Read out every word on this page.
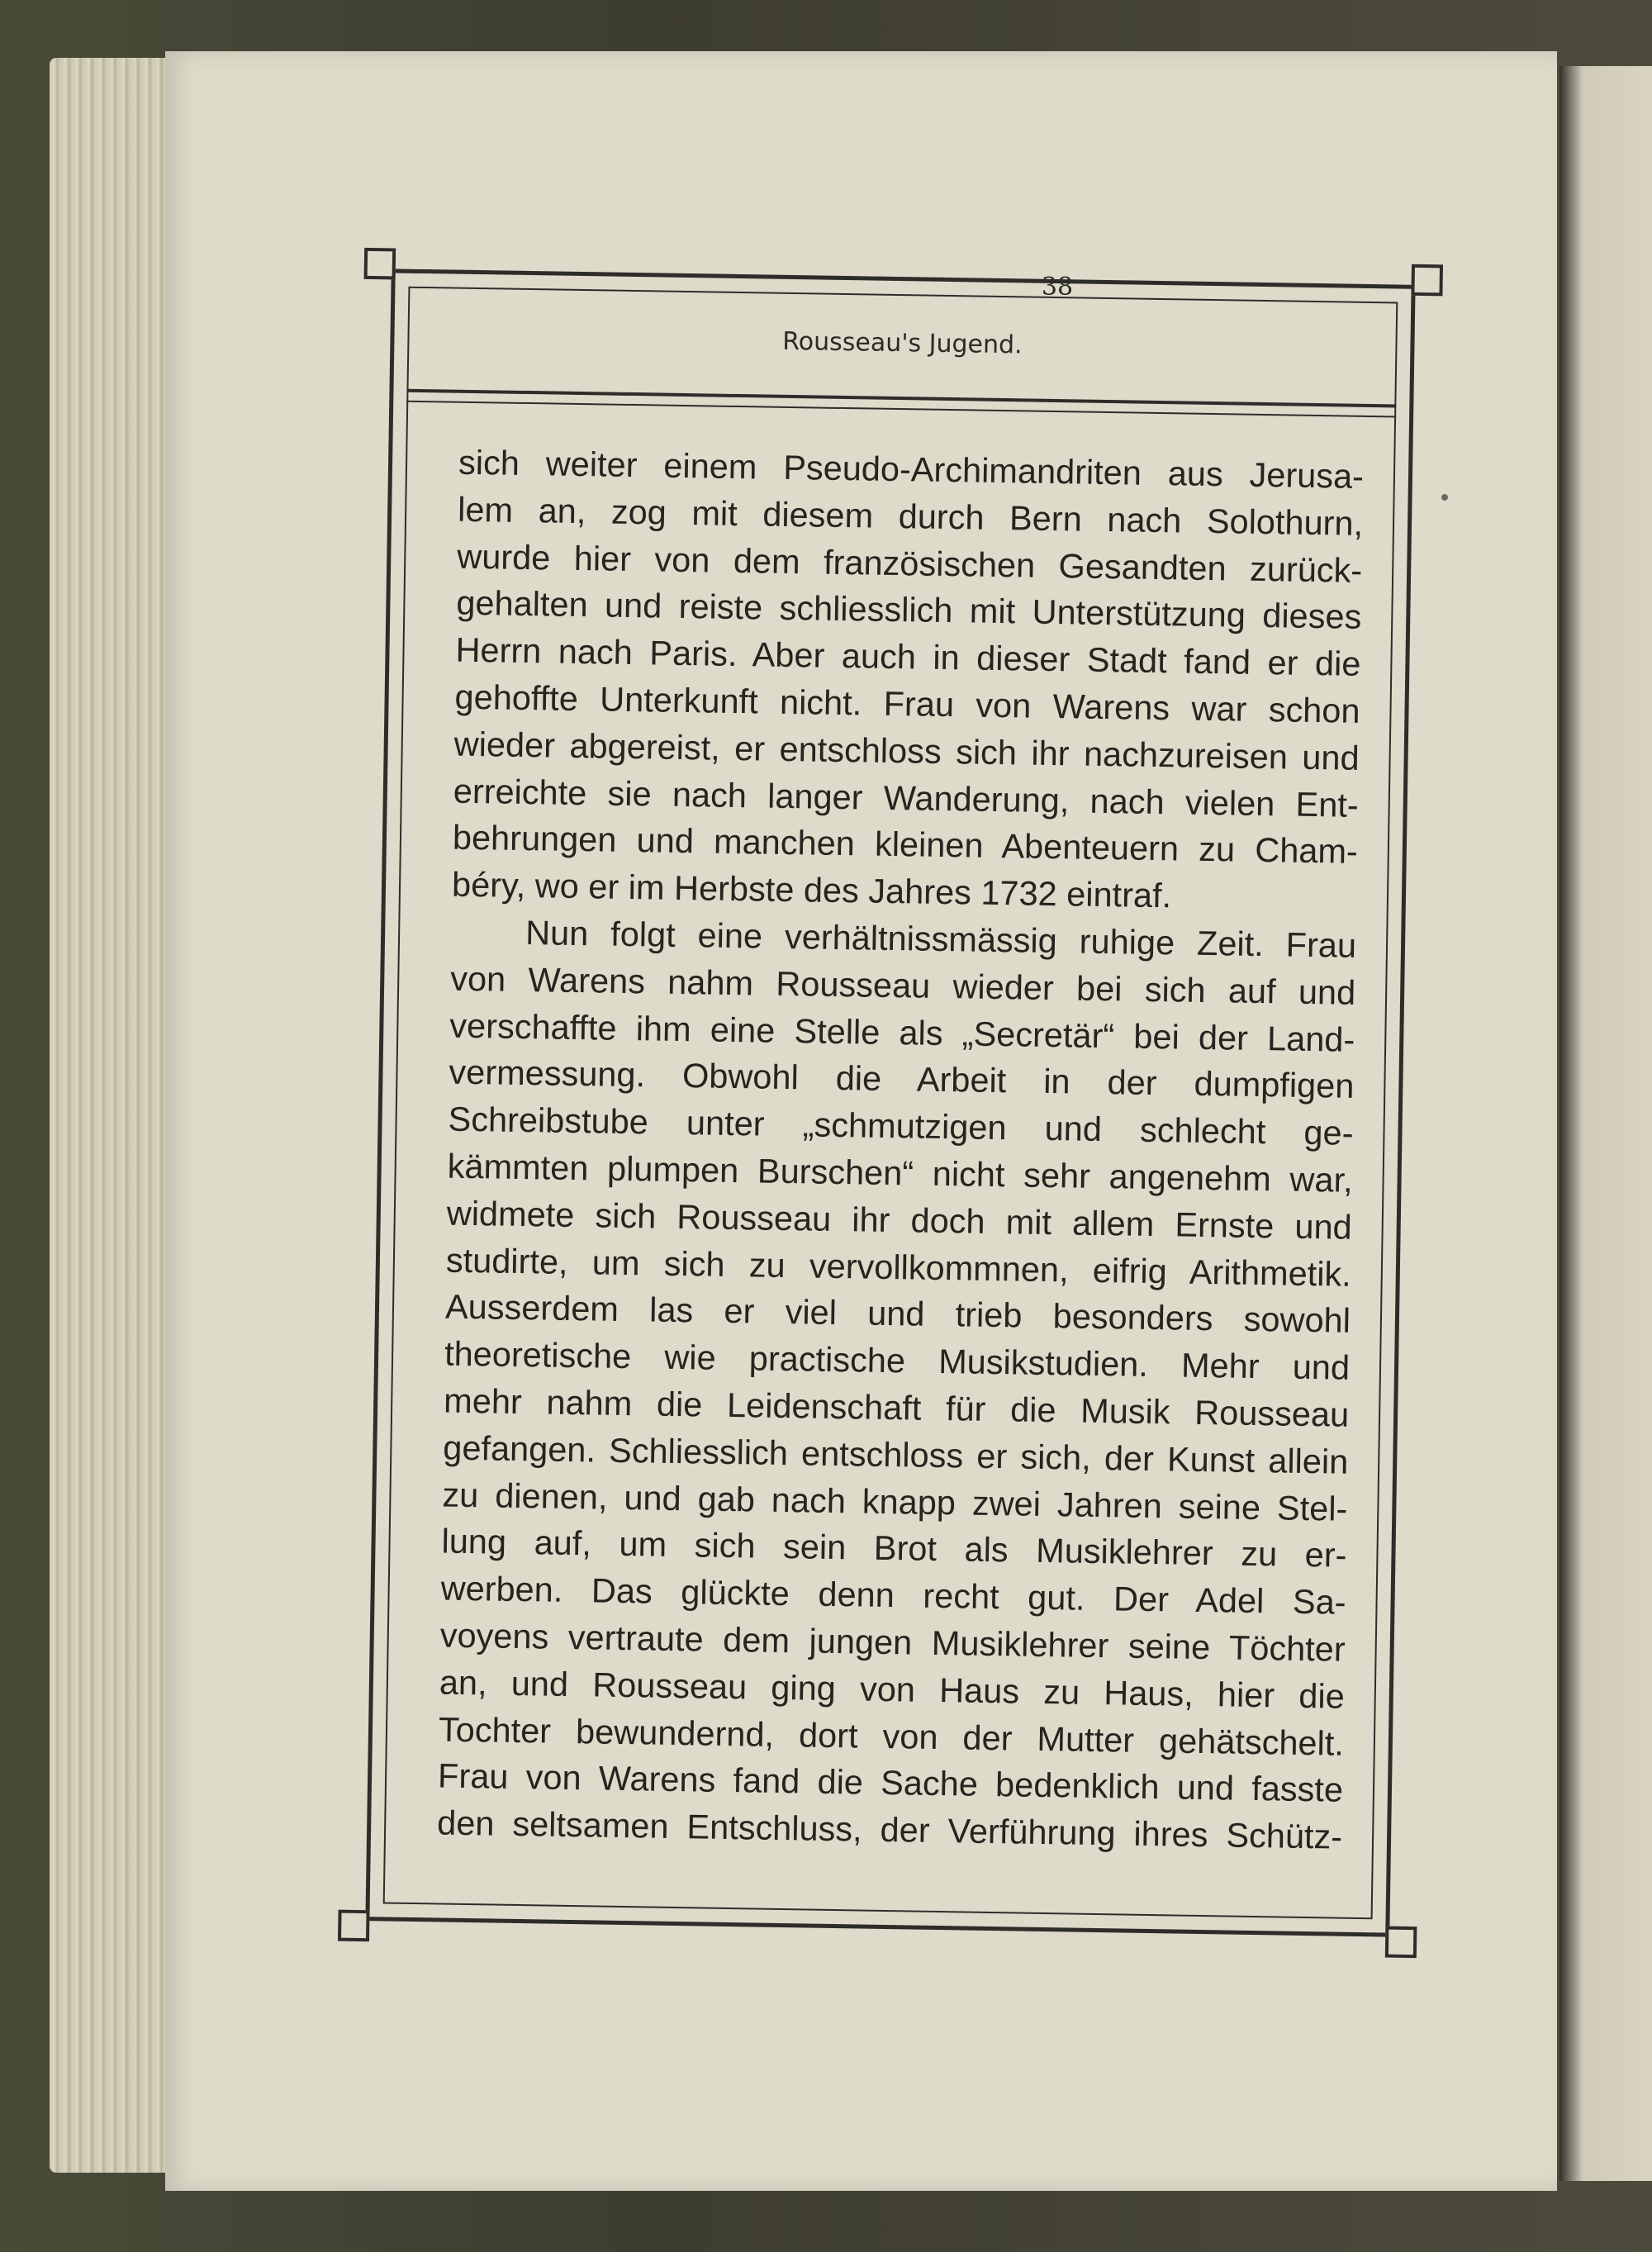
38
Rousseau's Jugend.
sich weiter einem Pseudo-Archimandriten aus Jerusa-
lem an, zog mit diesem durch Bern nach Solothurn,
wurde hier von dem französischen Gesandten zurück-
gehalten und reiste schliesslich mit Unterstützung dieses
Herrn nach Paris. Aber auch in dieser Stadt fand er die
gehoffte Unterkunft nicht. Frau von Warens war schon
wieder abgereist, er entschloss sich ihr nachzureisen und
erreichte sie nach langer Wanderung, nach vielen Ent-
behrungen und manchen kleinen Abenteuern zu Cham-
béry, wo er im Herbste des Jahres 1732 eintraf.
Nun folgt eine verhältnissmässig ruhige Zeit. Frau
von Warens nahm Rousseau wieder bei sich auf und
verschaffte ihm eine Stelle als „Secretär“ bei der Land-
vermessung. Obwohl die Arbeit in der dumpfigen
Schreibstube unter „schmutzigen und schlecht ge-
kämmten plumpen Burschen“ nicht sehr angenehm war,
widmete sich Rousseau ihr doch mit allem Ernste und
studirte, um sich zu vervollkommnen, eifrig Arithmetik.
Ausserdem las er viel und trieb besonders sowohl
theoretische wie practische Musikstudien. Mehr und
mehr nahm die Leidenschaft für die Musik Rousseau
gefangen. Schliesslich entschloss er sich, der Kunst allein
zu dienen, und gab nach knapp zwei Jahren seine Stel-
lung auf, um sich sein Brot als Musiklehrer zu er-
werben. Das glückte denn recht gut. Der Adel Sa-
voyens vertraute dem jungen Musiklehrer seine Töchter
an, und Rousseau ging von Haus zu Haus, hier die
Tochter bewundernd, dort von der Mutter gehätschelt.
Frau von Warens fand die Sache bedenklich und fasste
den seltsamen Entschluss, der Verführung ihres Schütz-
